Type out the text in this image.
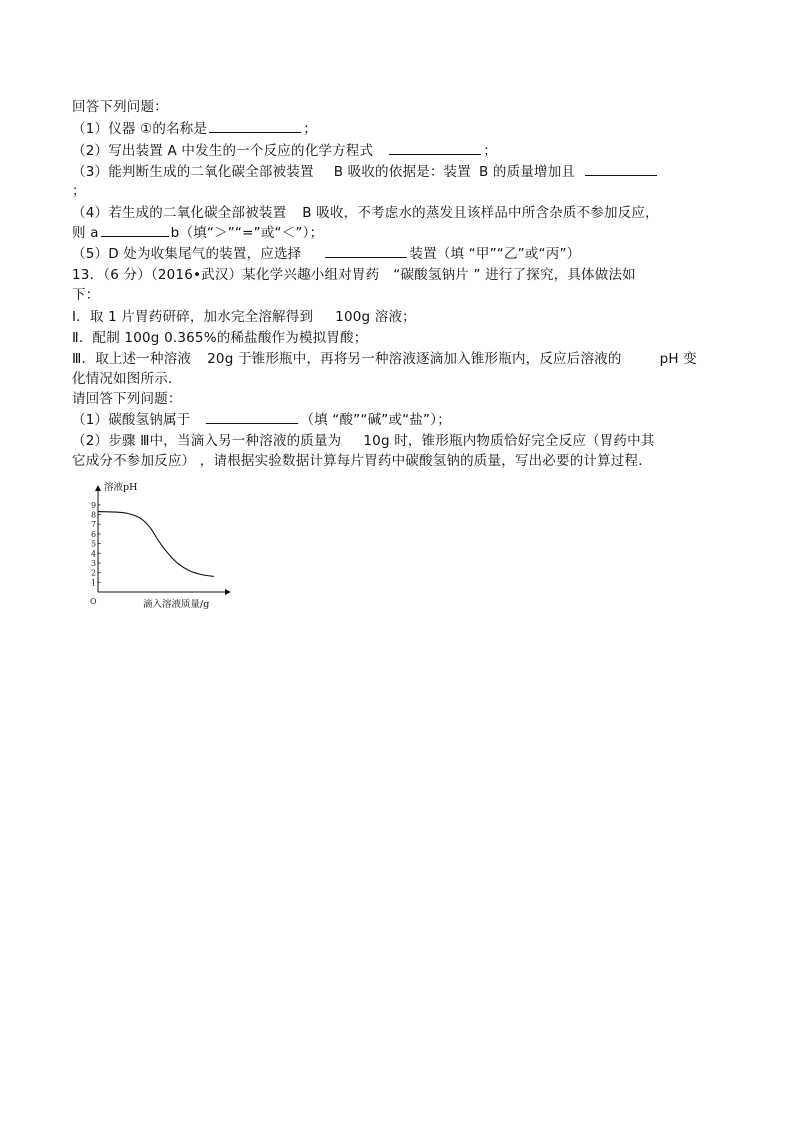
回答下列问题：
（1）仪器 ①的名称是	；
（2）写出装置 A 中发生的一个反应的化学方程式	；
（3）能判断生成的二氧化碳全部被装置 B 吸收的依据是：装置 B 的质量增加且
；
（4）若生成的二氧化碳全部被装置 B 吸收，不考虑水的蒸发且该样品中所含杂质不参加反应，
则 a	b（填“＞”“=”或“＜”）；
（5）D 处为收集尾气的装置，应选择	装置（填 “甲”“乙”或“丙”）
13．（6 分）（2016•武汉）某化学兴趣小组对胃药 “碳酸氢钠片 ” 进行了探究，具体做法如
下：
Ⅰ．取 1 片胃药研碎，加水完全溶解得到 100g 溶液；
Ⅱ．配制 100g 0.365%的稀盐酸作为模拟胃酸；
Ⅲ．取上述一种溶液 20g 于锥形瓶中，再将另一种溶液逐滴加入锥形瓶内，反应后溶液的	pH 变
化情况如图所示．
请回答下列问题：
（1）碳酸氢钠属于	（填 “酸”“碱”或“盐”）；
（2）步骤 Ⅲ中，当滴入另一种溶液的质量为 10g 时，锥形瓶内物质恰好完全反应（胃药中其
它成分不参加反应） ，请根据实验数据计算每片胃药中碳酸氢钠的质量，写出必要的计算过程．
溶液pH
滴入溶液质量/g
O
1
2
3
4
5
6
7
8
9
